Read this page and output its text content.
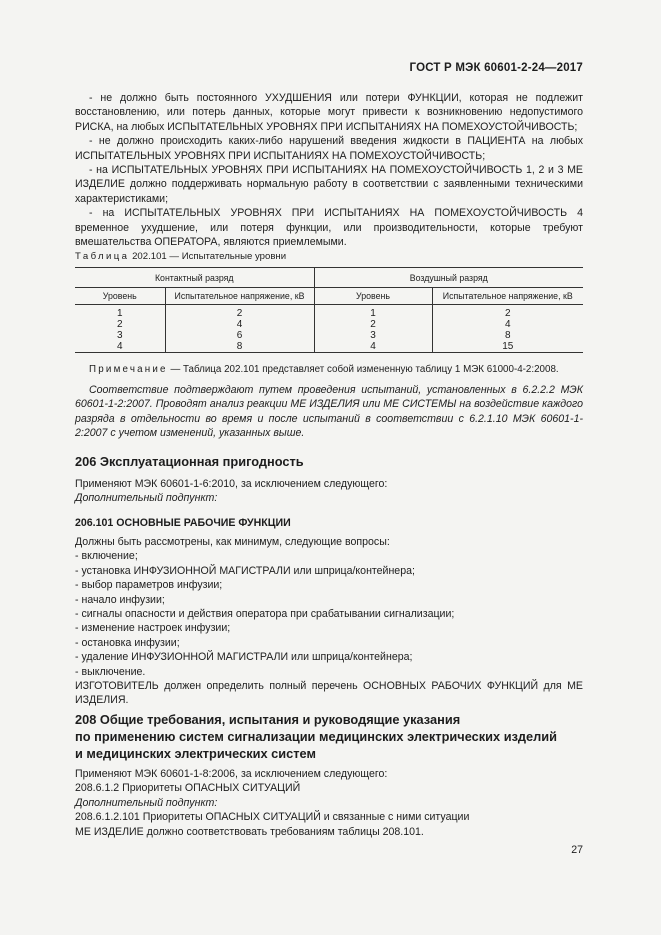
ГОСТ Р МЭК 60601-2-24—2017

- не должно быть постоянного УХУДШЕНИЯ или потери ФУНКЦИИ, которая не подлежит восстановлению, или потерь данных, которые могут привести к возникновению недопустимого РИСКА, на любых ИСПЫТАТЕЛЬНЫХ УРОВНЯХ ПРИ ИСПЫТАНИЯХ НА ПОМЕХОУСТОЙЧИВОСТЬ;

- не должно происходить каких-либо нарушений введения жидкости в ПАЦИЕНТА на любых ИСПЫТАТЕЛЬНЫХ УРОВНЯХ ПРИ ИСПЫТАНИЯХ НА ПОМЕХОУСТОЙЧИВОСТЬ;

- на ИСПЫТАТЕЛЬНЫХ УРОВНЯХ ПРИ ИСПЫТАНИЯХ НА ПОМЕХОУСТОЙЧИВОСТЬ 1, 2 и 3 МЕ ИЗДЕЛИЕ должно поддерживать нормальную работу в соответствии с заявленными техническими характеристиками;

- на ИСПЫТАТЕЛЬНЫХ УРОВНЯХ ПРИ ИСПЫТАНИЯХ НА ПОМЕХОУСТОЙЧИВОСТЬ 4 временное ухудшение, или потеря функции, или производительности, которые требуют вмешательства ОПЕРАТОРА, являются приемлемыми.

Таблица 202.101 — Испытательные уровни
Контактный разряд		Воздушный разряд	
Уровень	Испытательное напряжение, кВ	Уровень	Испытательное напряжение, кВ

1	2	1	2
2	4	2	4
3	6	3	8
4	8	4	15
Примечание — Таблица 202.101 представляет собой измененную таблицу 1 МЭК 61000-4-2:2008.

Соответствие подтверждают путем проведения испытаний, установленных в 6.2.2.2 МЭК 60601-1-2:2007. Проводят анализ реакции МЕ ИЗДЕЛИЯ или МЕ СИСТЕМЫ на воздействие каждого разряда в отдельности во время и после испытаний в соответствии с 6.2.1.10 МЭК 60601-1-2:2007 с учетом изменений, указанных выше.

206 Эксплуатационная пригодность
Применяют МЭК 60601-1-6:2010, за исключением следующего:
Дополнительный подпункт:
206.101 ОСНОВНЫЕ РАБОЧИЕ ФУНКЦИИ
Должны быть рассмотрены, как минимум, следующие вопросы:
- включение;
- установка ИНФУЗИОННОЙ МАГИСТРАЛИ или шприца/контейнера;
- выбор параметров инфузии;
- начало инфузии;
- сигналы опасности и действия оператора при срабатывании сигнализации;
- изменение настроек инфузии;
- остановка инфузии;
- удаление ИНФУЗИОННОЙ МАГИСТРАЛИ или шприца/контейнера;
- выключение.

ИЗГОТОВИТЕЛЬ должен определить полный перечень ОСНОВНЫХ РАБОЧИХ ФУНКЦИЙ для МЕ ИЗДЕЛИЯ.

208 Общие требования, испытания и руководящие указания
по применению систем сигнализации медицинских электрических изделий
и медицинских электрических систем
Применяют МЭК 60601-1-8:2006, за исключением следующего:
208.6.1.2 Приоритеты ОПАСНЫХ СИТУАЦИЙ
Дополнительный подпункт:
208.6.1.2.101 Приоритеты ОПАСНЫХ СИТУАЦИЙ и связанные с ними ситуации
МЕ ИЗДЕЛИЕ должно соответствовать требованиям таблицы 208.101.
27
